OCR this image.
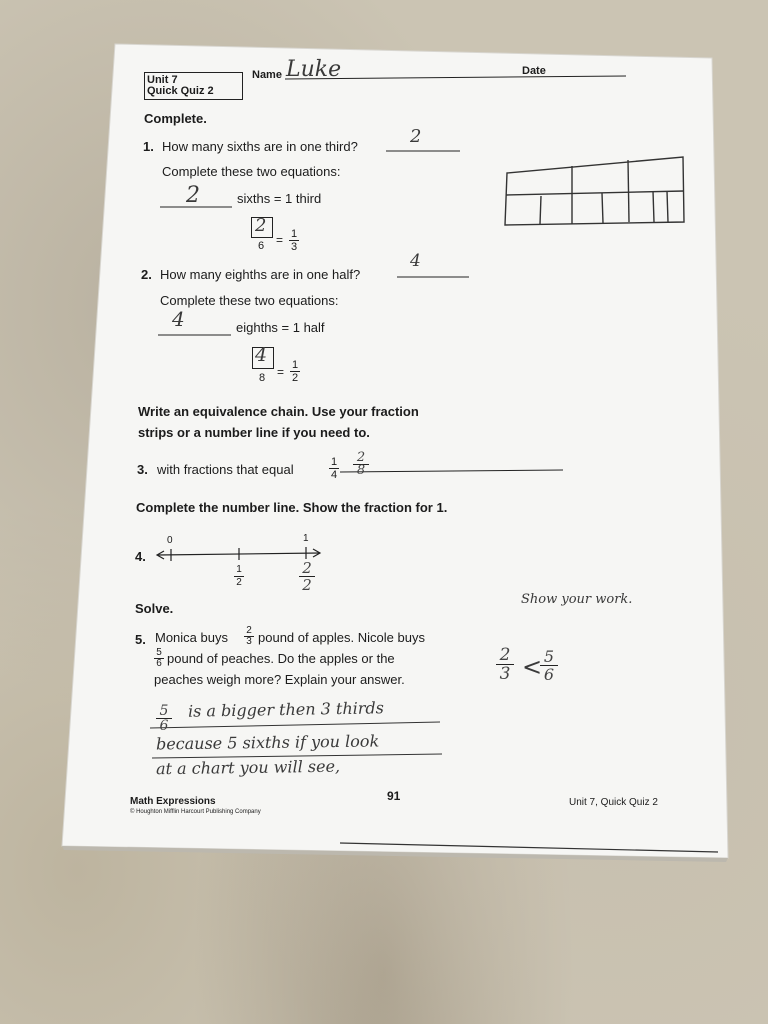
Unit 7
Quick Quiz 2
Name Luke	Date
Complete.
1. How many sixths are in one third?	2
Complete these two equations:
2	sixths = 1 third
2
$6 = \frac{1}{3}$
2. How many eighths are in one half?
4
Complete these two equations:
4	eighths = 1 half
4
$8 = \frac{1}{2}$
Write an equivalence chain. Use your fraction
strips or a number line if you need to.
3. with fractions that equal	$\frac{1}{4} \frac{2}{8}$
Complete the number line. Show the fraction for 1.
4.
0	1
$\frac{1}{2}$	$\frac{2}{2}$
Solve.
Show your work.
5. Monica buys $\frac{2}{3}$ pound of apples. Nicole buys
$\frac{5}{6}$ pound of peaches. Do the apples or the
peaches weigh more? Explain your answer.	$\frac{2}{3}$ <
$\frac{5}{6}$
$\frac{5}{6}$ is a bigger then 3 thirds
because 5 sixths if you look
at a chart you will see,
Math Expressions
© Houghton Mifflin Harcourt Publishing Company
91	Unit 7, Quick Quiz 2
